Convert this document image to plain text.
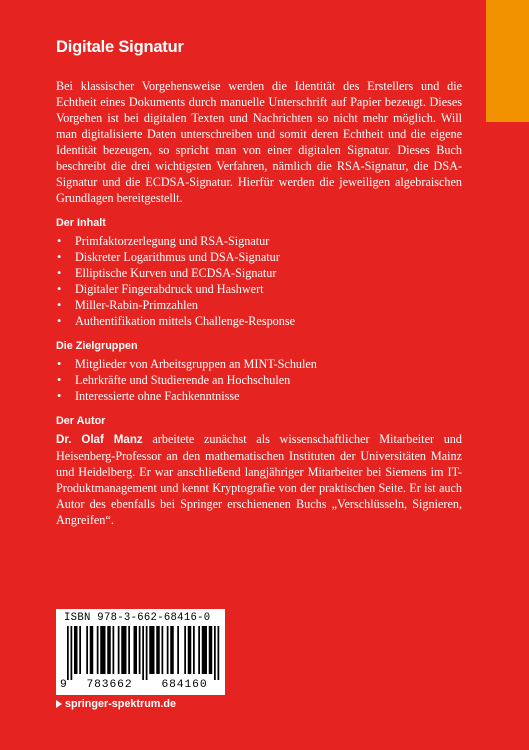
Digitale Signatur

Bei klassischer Vorgehensweise werden die Identität des Erstellers und die Echtheit eines Dokuments durch manuelle Unterschrift auf Papier bezeugt. Dieses Vorgehen ist bei digitalen Texten und Nachrichten so nicht mehr möglich. Will man digitalisierte Daten unterschreiben und somit deren Echtheit und die eigene Identität bezeugen, so spricht man von einer digitalen Signatur. Dieses Buch beschreibt die drei wichtigsten Verfahren, nämlich die RSA-Signatur, die DSA-Signatur und die ECDSA-Signatur. Hierfür werden die jeweiligen algebraischen Grundlagen bereitgestellt.

Der Inhalt
• Primfaktorzerlegung und RSA-Signatur
• Diskreter Logarithmus und DSA-Signatur
• Elliptische Kurven und ECDSA-Signatur
• Digitaler Fingerabdruck und Hashwert
• Miller-Rabin-Primzahlen
• Authentifikation mittels Challenge-Response
Die Zielgruppen
• Mitglieder von Arbeitsgruppen an MINT-Schulen
• Lehrkräfte und Studierende an Hochschulen
• Interessierte ohne Fachkenntnisse
Der Autor

Dr. Olaf Manz arbeitete zunächst als wissenschaftlicher Mitarbeiter und Heisenberg-Professor an den mathematischen Instituten der Universitäten Mainz und Heidelberg. Er war anschließend langjähriger Mitarbeiter bei Siemens im IT-Produktmanagement und kennt Kryptografie von der praktischen Seite. Er ist auch Autor des ebenfalls bei Springer erschienenen Buchs „Verschlüsseln, Signieren, Angreifen“.

ISBN 978-3-662-68416-0
9	783662	684160
springer-spektrum.de
